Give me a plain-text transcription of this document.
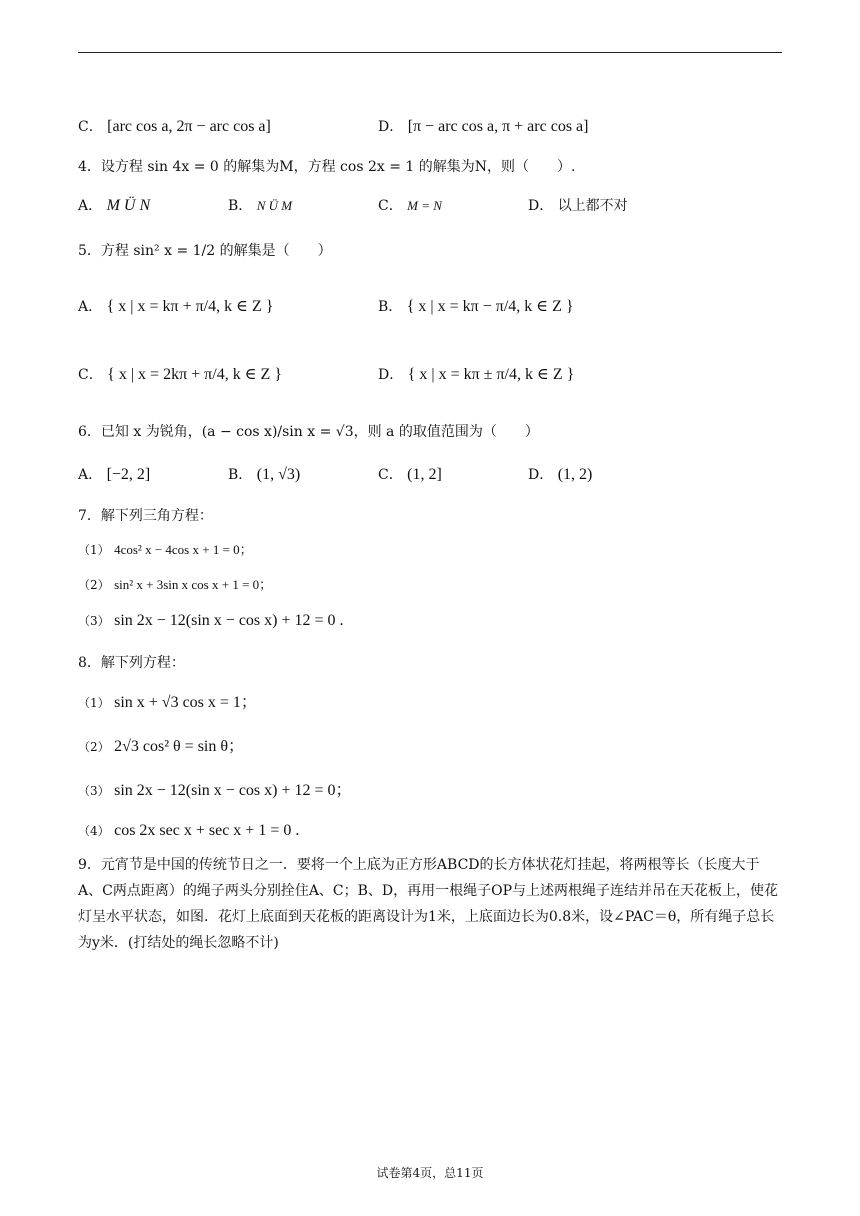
C． [arc cos a, 2π − arc cos a]	D． [π − arc cos a, π + arc cos a]
4．设方程 sin 4x = 0 的解集为M，方程 cos 2x = 1 的解集为N，则（　　）.
A． M Ü N	B． N Ü M	C． M = N	D． 以上都不对
5．方程 sin² x = 1/2 的解集是（　　）
A． { x | x = kπ + π/4, k ∈ Z }	B． { x | x = kπ − π/4, k ∈ Z }
C． { x | x = 2kπ + π/4, k ∈ Z }	D． { x | x = kπ ± π/4, k ∈ Z }
6．已知 x 为锐角，(a − cos x)/sin x = √3，则 a 的取值范围为（　　）
A． [−2, 2]	B． (1, √3)	C． (1, 2]	D． (1, 2)
7．解下列三角方程：
（1） 4cos² x − 4cos x + 1 = 0；
（2） sin² x + 3sin x cos x + 1 = 0；
（3） sin 2x − 12(sin x − cos x) + 12 = 0 .
8．解下列方程：
（1） sin x + √3 cos x = 1；
（2） 2√3 cos² θ = sin θ；
（3） sin 2x − 12(sin x − cos x) + 12 = 0；
（4） cos 2x sec x + sec x + 1 = 0 .
9．元宵节是中国的传统节日之一．要将一个上底为正方形ABCD的长方体状花灯挂起，将两根等长（长度大于A、C两点距离）的绳子两头分别拴住A、C；B、D，再用一根绳子OP与上述两根绳子连结并吊在天花板上，使花灯呈水平状态，如图．花灯上底面到天花板的距离设计为1米，上底面边长为0.8米，设∠PAC＝θ，所有绳子总长为y米．(打结处的绳长忽略不计)
试卷第4页，总11页
